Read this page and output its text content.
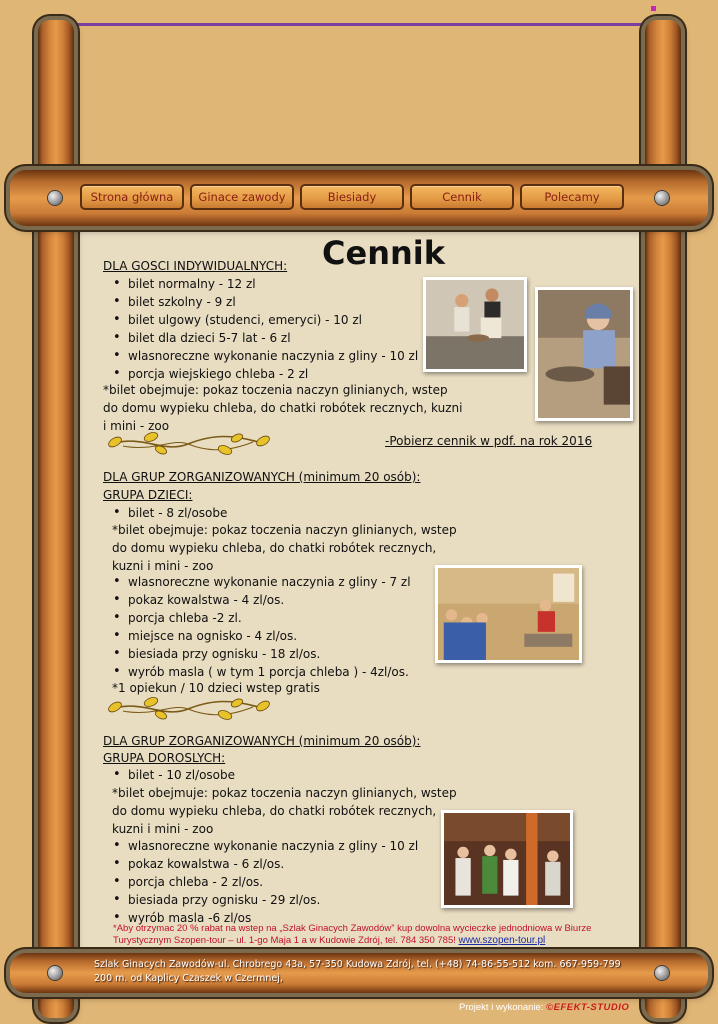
Strona główna	Ginace zawody	Biesiady	Cennik	Polecamy
Cennik
DLA GOSCI INDYWIDUALNYCH:
• bilet normalny - 12 zl
• bilet szkolny - 9 zl
• bilet ulgowy (studenci, emeryci) - 10 zl
• bilet dla dzieci 5-7 lat - 6 zl
• wlasnoreczne wykonanie naczynia z gliny - 10 zl
• porcja wiejskiego chleba - 2 zl
*bilet obejmuje: pokaz toczenia naczyn glinianych, wstep
do domu wypieku chleba, do chatki robótek recznych, kuzni
i mini - zoo
-Pobierz cennik w pdf. na rok 2016
DLA GRUP ZORGANIZOWANYCH (minimum 20 osób):
GRUPA DZIECI:
• bilet - 8 zl/osobe
*bilet obejmuje: pokaz toczenia naczyn glinianych, wstep
do domu wypieku chleba, do chatki robótek recznych,
kuzni i mini - zoo
• wlasnoreczne wykonanie naczynia z gliny - 7 zl
• pokaz kowalstwa - 4 zl/os.
• porcja chleba -2 zl.
• miejsce na ognisko - 4 zl/os.
• biesiada przy ognisku - 18 zl/os.
• wyrób masla ( w tym 1 porcja chleba ) - 4zl/os.
*1 opiekun / 10 dzieci wstep gratis
DLA GRUP ZORGANIZOWANYCH (minimum 20 osób):
GRUPA DOROSLYCH:
• bilet - 10 zl/osobe
*bilet obejmuje: pokaz toczenia naczyn glinianych, wstep
do domu wypieku chleba, do chatki robótek recznych,
kuzni i mini - zoo
• wlasnoreczne wykonanie naczynia z gliny - 10 zl
• pokaz kowalstwa - 6 zl/os.
• porcja chleba - 2 zl/os.
• biesiada przy ognisku - 29 zl/os.
• wyrób masla -6 zl/os
*Aby otrzymac 20 % rabat na wstep na „Szlak Ginacych Zawodów” kup dowolna wycieczke jednodniowa w Biurze
Turystycznym Szopen-tour – ul. 1-go Maja 1 a w Kudowie Zdrój, tel. 784 350 785! www.szopen-tour.pl
Szlak Ginacych Zawodów-ul. Chrobrego 43a, 57-350 Kudowa Zdrój, tel. (+48) 74-86-55-512 kom. 667-959-799
200 m. od Kaplicy Czaszek w Czermnej,
Projekt i wykonanie: ©EFEKT-STUDIO
